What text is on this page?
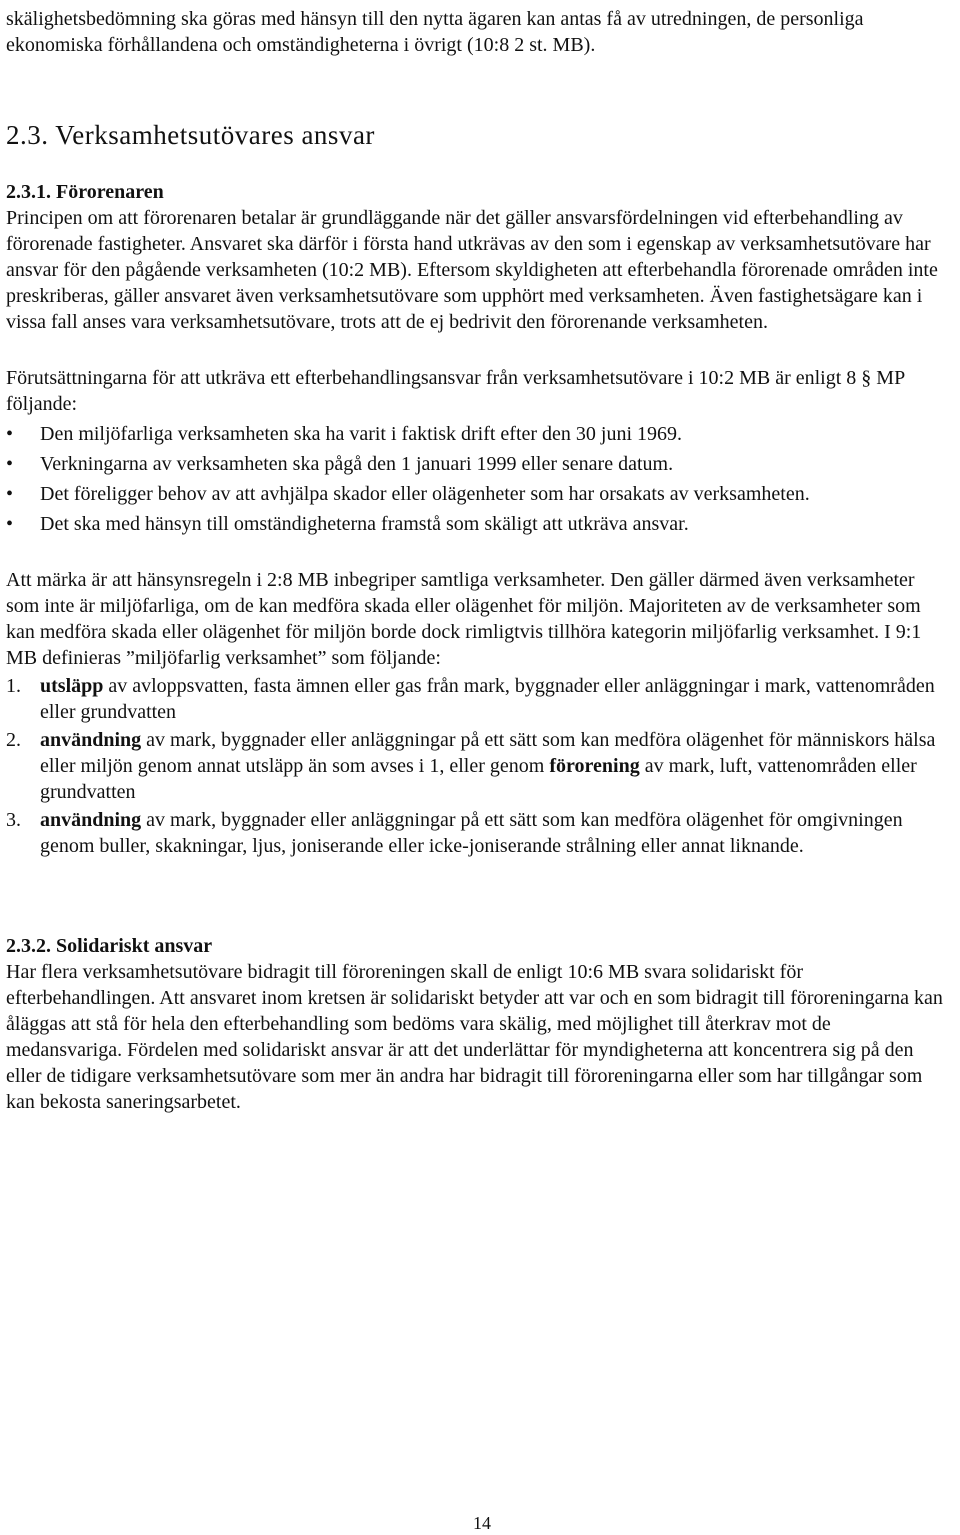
skälighetsbedömning ska göras med hänsyn till den nytta ägaren kan antas få av utredningen, de personliga ekonomiska förhållandena och omständigheterna i övrigt (10:8 2 st. MB).

2.3. Verksamhetsutövares ansvar
2.3.1. Förorenaren

Principen om att förorenaren betalar är grundläggande när det gäller ansvarsfördelningen vid efterbehandling av förorenade fastigheter. Ansvaret ska därför i första hand utkrävas av den som i egenskap av verksamhetsutövare har ansvar för den pågående verksamheten (10:2 MB). Eftersom skyldigheten att efterbehandla förorenade områden inte preskriberas, gäller ansvaret även verksamhetsutövare som upphört med verksamheten. Även fastighetsägare kan i vissa fall anses vara verksamhetsutövare, trots att de ej bedrivit den förorenande verksamheten.

Förutsättningarna för att utkräva ett efterbehandlingsansvar från verksamhetsutövare i 10:2 MB är enligt 8 § MP följande:

• Den miljöfarliga verksamheten ska ha varit i faktisk drift efter den 30 juni 1969.
• Verkningarna av verksamheten ska pågå den 1 januari 1999 eller senare datum.
• Det föreligger behov av att avhjälpa skador eller olägenheter som har orsakats av verksamheten.
• Det ska med hänsyn till omständigheterna framstå som skäligt att utkräva ansvar.

Att märka är att hänsynsregeln i 2:8 MB inbegriper samtliga verksamheter. Den gäller därmed även verksamheter som inte är miljöfarliga, om de kan medföra skada eller olägenhet för miljön. Majoriteten av de verksamheter som kan medföra skada eller olägenhet för miljön borde dock rimligtvis tillhöra kategorin miljöfarlig verksamhet. I 9:1 MB definieras ”miljöfarlig verksamhet” som följande:

1. utsläpp av avloppsvatten, fasta ämnen eller gas från mark, byggnader eller anläggningar i mark, vattenområden eller grundvatten
2. användning av mark, byggnader eller anläggningar på ett sätt som kan medföra olägenhet för människors hälsa eller miljön genom annat utsläpp än som avses i 1, eller genom förorening av mark, luft, vattenområden eller grundvatten
3. användning av mark, byggnader eller anläggningar på ett sätt som kan medföra olägenhet för omgivningen genom buller, skakningar, ljus, joniserande eller icke-joniserande strålning eller annat liknande.
2.3.2. Solidariskt ansvar

Har flera verksamhetsutövare bidragit till föroreningen skall de enligt 10:6 MB svara solidariskt för efterbehandlingen. Att ansvaret inom kretsen är solidariskt betyder att var och en som bidragit till föroreningarna kan åläggas att stå för hela den efterbehandling som bedöms vara skälig, med möjlighet till återkrav mot de medansvariga. Fördelen med solidariskt ansvar är att det underlättar för myndigheterna att koncentrera sig på den eller de tidigare verksamhetsutövare som mer än andra har bidragit till föroreningarna eller som har tillgångar som kan bekosta saneringsarbetet.

14
